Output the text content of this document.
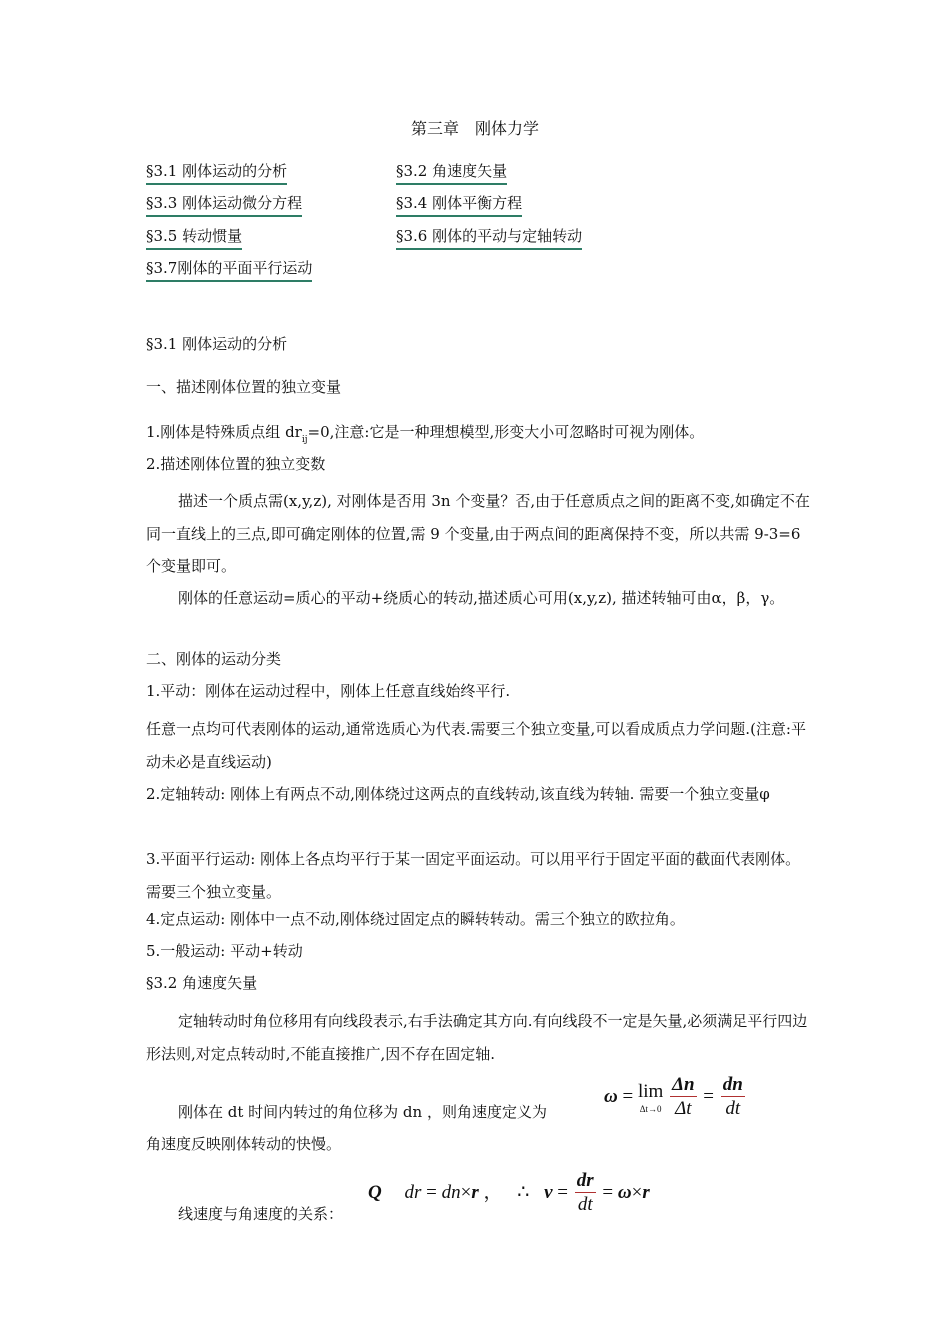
第三章　刚体力学
§3.1 刚体运动的分析	§3.2 角速度矢量
§3.3 刚体运动微分方程	§3.4 刚体平衡方程
§3.5 转动惯量	§3.6 刚体的平动与定轴转动
§3.7刚体的平面平行运动
§3.1 刚体运动的分析
一、描述刚体位置的独立变量
1.刚体是特殊质点组 $dr_{ij}=0$,注意:它是一种理想模型,形变大小可忽略时可视为刚体。
2.描述刚体位置的独立变数
描述一个质点需(x,y,z), 对刚体是否用 3n 个变量？否,由于任意质点之间的距离不变,如确定不在同一直线上的三点,即可确定刚体的位置,需 9 个变量,由于两点间的距离保持不变，所以共需 9-3=6 个变量即可。
刚体的任意运动=质心的平动+绕质心的转动,描述质心可用(x,y,z), 描述转轴可由α，β，γ。
二、刚体的运动分类
1.平动：刚体在运动过程中，刚体上任意直线始终平行.
任意一点均可代表刚体的运动,通常选质心为代表.需要三个独立变量,可以看成质点力学问题.(注意:平动未必是直线运动)
2.定轴转动: 刚体上有两点不动,刚体绕过这两点的直线转动,该直线为转轴. 需要一个独立变量φ
3.平面平行运动: 刚体上各点均平行于某一固定平面运动。可以用平行于固定平面的截面代表刚体。需要三个独立变量。
4.定点运动: 刚体中一点不动,刚体绕过固定点的瞬转转动。需三个独立的欧拉角。
5.一般运动: 平动+转动
§3.2 角速度矢量
定轴转动时角位移用有向线段表示,右手法确定其方向.有向线段不一定是矢量,必须满足平行四边形法则,对定点转动时,不能直接推广,因不存在固定轴.
刚体在 dt 时间内转过的角位移为 dn ，则角速度定义为
ω = lim
Δt→0
$\frac{\Delta n}{\Delta t} = \frac{dn}{dt}$
角速度反映刚体转动的快慢。
Q dr = dn×r ， ∴ $v = \frac{dr}{dt} = \omega\times r$
线速度与角速度的关系：
